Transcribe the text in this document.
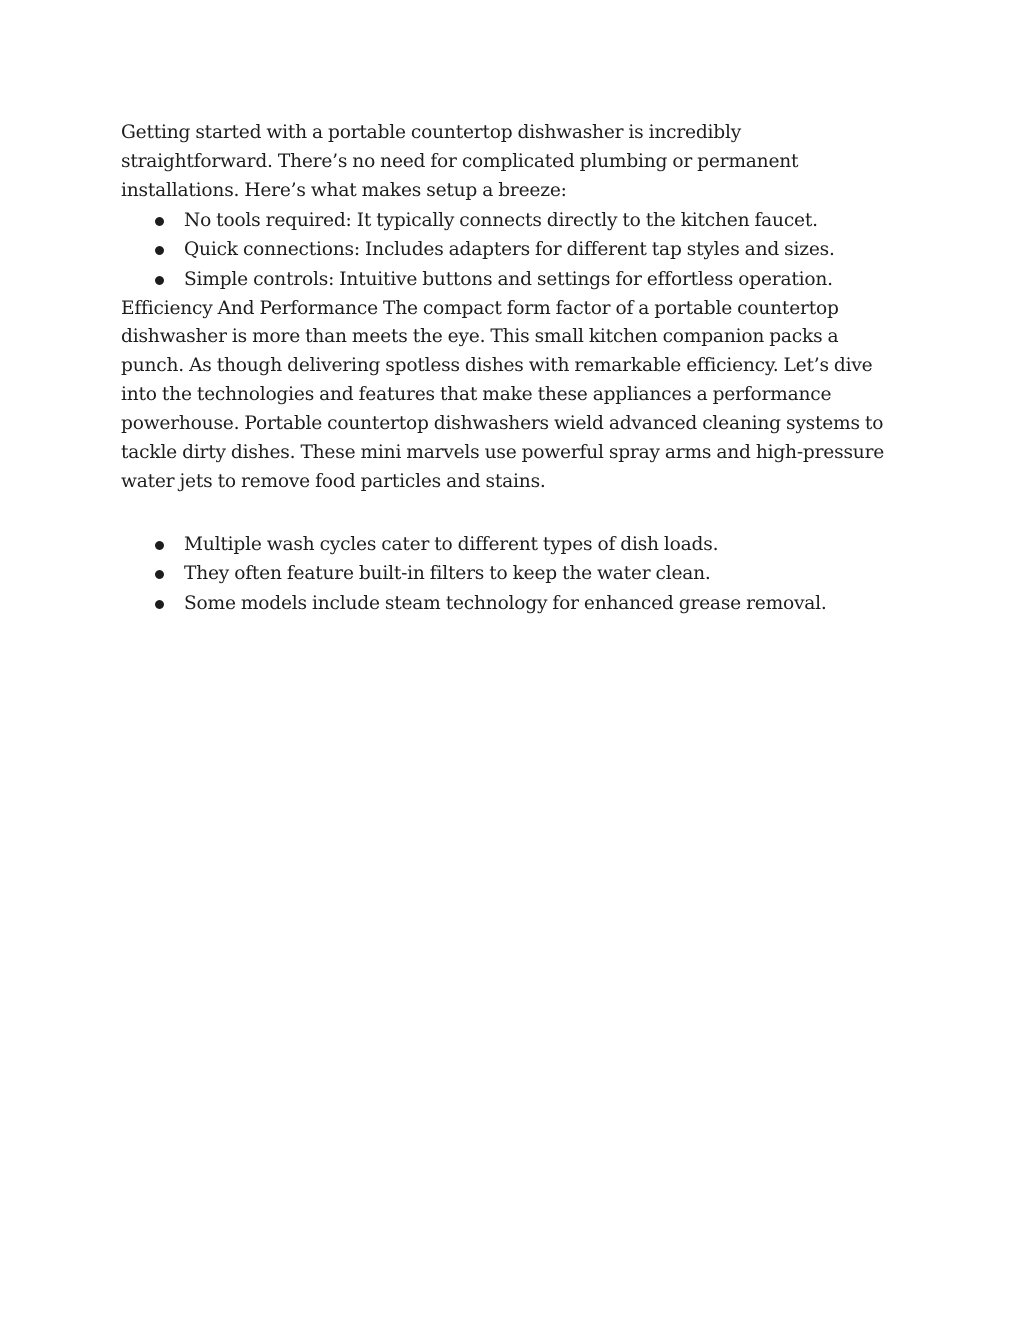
Getting started with a portable countertop dishwasher is incredibly straightforward. There’s no need for complicated plumbing or permanent installations. Here’s what makes setup a breeze:

No tools required: It typically connects directly to the kitchen faucet.
Quick connections: Includes adapters for different tap styles and sizes.
Simple controls: Intuitive buttons and settings for effortless operation.

Efficiency And Performance The compact form factor of a portable countertop dishwasher is more than meets the eye. This small kitchen companion packs a punch. As though delivering spotless dishes with remarkable efficiency. Let’s dive into the technologies and features that make these appliances a performance powerhouse. Portable countertop dishwashers wield advanced cleaning systems to tackle dirty dishes. These mini marvels use powerful spray arms and high-pressure water jets to remove food particles and stains.

Multiple wash cycles cater to different types of dish loads.
They often feature built-in filters to keep the water clean.
Some models include steam technology for enhanced grease removal.
